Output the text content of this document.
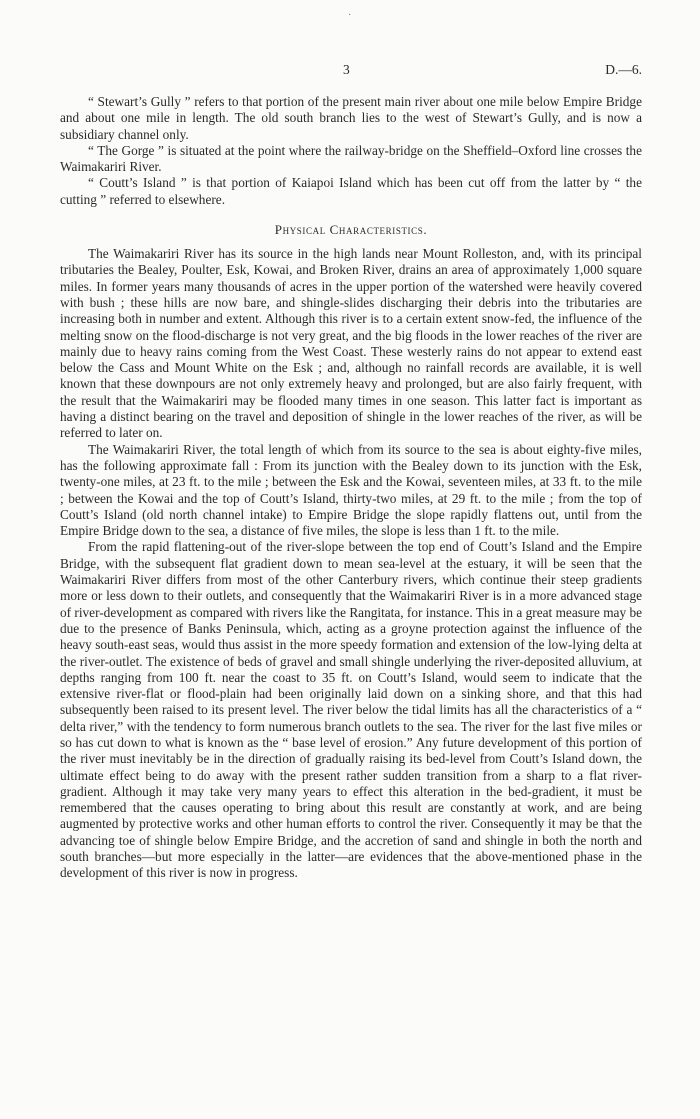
·
3	D.—6.

“ Stewart’s Gully ” refers to that portion of the present main river about one mile below Empire Bridge and about one mile in length. The old south branch lies to the west of Stewart’s Gully, and is now a subsidiary channel only.

“ The Gorge ” is situated at the point where the railway-bridge on the Sheffield–Oxford line crosses the Waimakariri River.

“ Coutt’s Island ” is that portion of Kaiapoi Island which has been cut off from the latter by “ the cutting ” referred to elsewhere.

Physical Characteristics.

The Waimakariri River has its source in the high lands near Mount Rolleston, and, with its principal tributaries the Bealey, Poulter, Esk, Kowai, and Broken River, drains an area of approximately 1,000 square miles. In former years many thousands of acres in the upper portion of the watershed were heavily covered with bush ; these hills are now bare, and shingle-slides discharging their debris into the tributaries are increasing both in number and extent. Although this river is to a certain extent snow-fed, the influence of the melting snow on the flood-discharge is not very great, and the big floods in the lower reaches of the river are mainly due to heavy rains coming from the West Coast. These westerly rains do not appear to extend east below the Cass and Mount White on the Esk ; and, although no rainfall records are available, it is well known that these downpours are not only extremely heavy and prolonged, but are also fairly frequent, with the result that the Waimakariri may be flooded many times in one season. This latter fact is important as having a distinct bearing on the travel and deposition of shingle in the lower reaches of the river, as will be referred to later on.

The Waimakariri River, the total length of which from its source to the sea is about eighty-five miles, has the following approximate fall : From its junction with the Bealey down to its junction with the Esk, twenty-one miles, at 23 ft. to the mile ; between the Esk and the Kowai, seventeen miles, at 33 ft. to the mile ; between the Kowai and the top of Coutt’s Island, thirty-two miles, at 29 ft. to the mile ; from the top of Coutt’s Island (old north channel intake) to Empire Bridge the slope rapidly flattens out, until from the Empire Bridge down to the sea, a distance of five miles, the slope is less than 1 ft. to the mile.

From the rapid flattening-out of the river-slope between the top end of Coutt’s Island and the Empire Bridge, with the subsequent flat gradient down to mean sea-level at the estuary, it will be seen that the Waimakariri River differs from most of the other Canterbury rivers, which continue their steep gradients more or less down to their outlets, and consequently that the Waimakariri River is in a more advanced stage of river-development as compared with rivers like the Rangitata, for instance. This in a great measure may be due to the presence of Banks Peninsula, which, acting as a groyne protection against the influence of the heavy south-east seas, would thus assist in the more speedy formation and extension of the low-lying delta at the river-outlet. The existence of beds of gravel and small shingle underlying the river-deposited alluvium, at depths ranging from 100 ft. near the coast to 35 ft. on Coutt’s Island, would seem to indicate that the extensive river-flat or flood-plain had been originally laid down on a sinking shore, and that this had subsequently been raised to its present level. The river below the tidal limits has all the characteristics of a “ delta river,” with the tendency to form numerous branch outlets to the sea. The river for the last five miles or so has cut down to what is known as the “ base level of erosion.” Any future development of this portion of the river must inevitably be in the direction of gradually raising its bed-level from Coutt’s Island down, the ultimate effect being to do away with the present rather sudden transition from a sharp to a flat river-gradient. Although it may take very many years to effect this alteration in the bed-gradient, it must be remembered that the causes operating to bring about this result are constantly at work, and are being augmented by protective works and other human efforts to control the river. Consequently it may be that the advancing toe of shingle below Empire Bridge, and the accretion of sand and shingle in both the north and south branches—but more especially in the latter—are evidences that the above-mentioned phase in the development of this river is now in progress.
